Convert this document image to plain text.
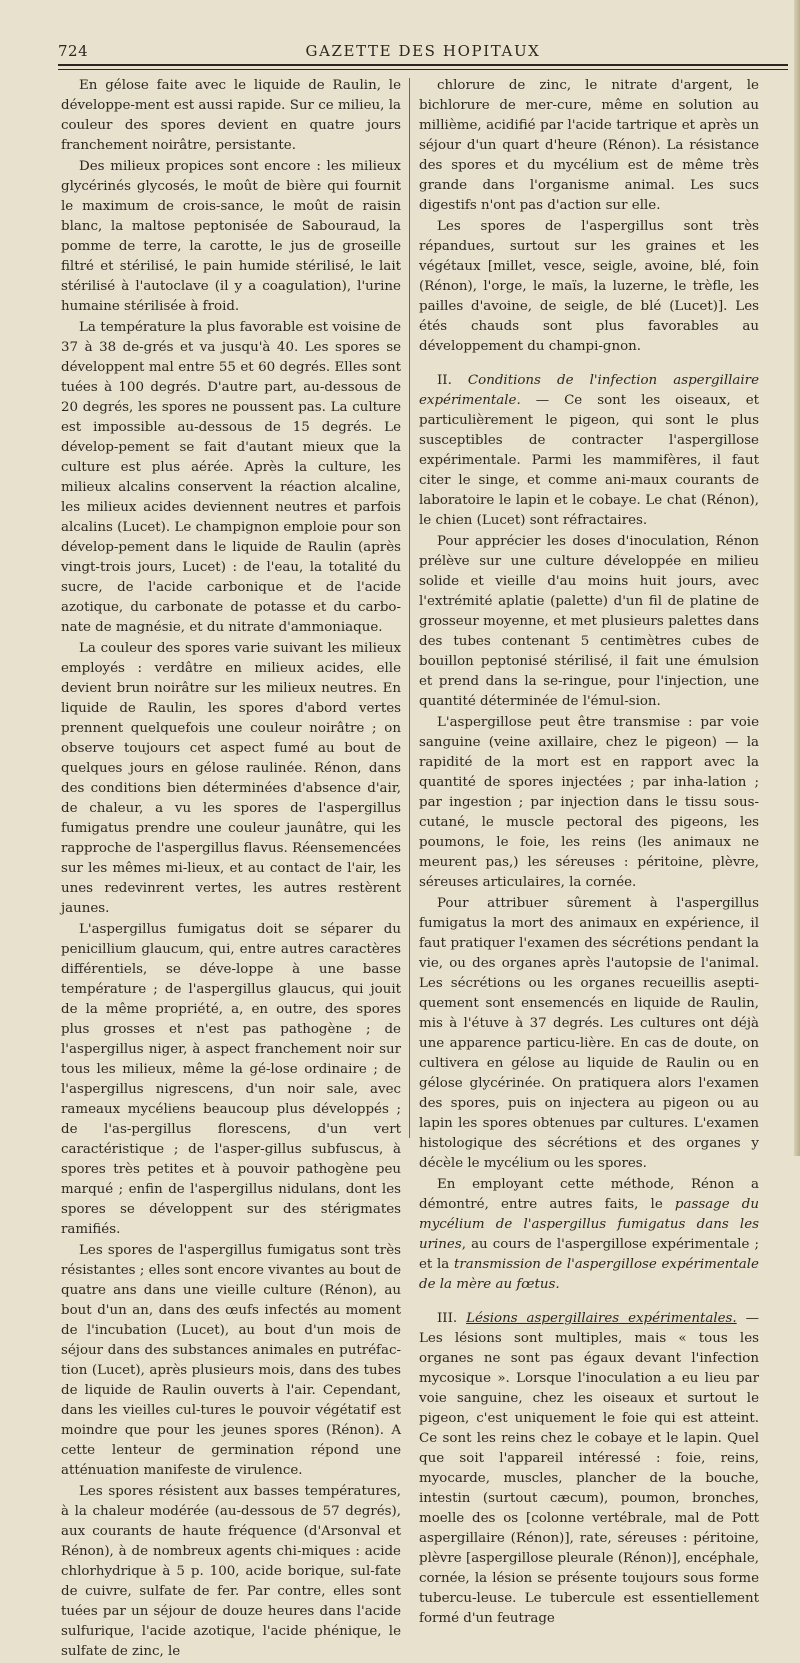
724	GAZETTE DES HOPITAUX

En gélose faite avec le liquide de Raulin, le développe-ment est aussi rapide. Sur ce milieu, la couleur des spores devient en quatre jours franchement noirâtre, persistante.

Des milieux propices sont encore : les milieux glycérinés glycosés, le moût de bière qui fournit le maximum de crois-sance, le moût de raisin blanc, la maltose peptonisée de Sabouraud, la pomme de terre, la carotte, le jus de groseille filtré et stérilisé, le pain humide stérilisé, le lait stérilisé à l'autoclave (il y a coagulation), l'urine humaine stérilisée à froid.

La température la plus favorable est voisine de 37 à 38 de-grés et va jusqu'à 40. Les spores se développent mal entre 55 et 60 degrés. Elles sont tuées à 100 degrés. D'autre part, au-dessous de 20 degrés, les spores ne poussent pas. La culture est impossible au-dessous de 15 degrés. Le dévelop-pement se fait d'autant mieux que la culture est plus aérée. Après la culture, les milieux alcalins conservent la réaction alcaline, les milieux acides deviennent neutres et parfois alcalins (Lucet). Le champignon emploie pour son dévelop-pement dans le liquide de Raulin (après vingt-trois jours, Lucet) : de l'eau, la totalité du sucre, de l'acide carbonique et de l'acide azotique, du carbonate de potasse et du carbo-nate de magnésie, et du nitrate d'ammoniaque.

La couleur des spores varie suivant les milieux employés : verdâtre en milieux acides, elle devient brun noirâtre sur les milieux neutres. En liquide de Raulin, les spores d'abord vertes prennent quelquefois une couleur noirâtre ; on observe toujours cet aspect fumé au bout de quelques jours en gélose raulinée. Rénon, dans des conditions bien déterminées d'absence d'air, de chaleur, a vu les spores de l'aspergillus fumigatus prendre une couleur jaunâtre, qui les rapproche de l'aspergillus flavus. Réensemencées sur les mêmes mi-lieux, et au contact de l'air, les unes redevinrent vertes, les autres restèrent jaunes.

L'aspergillus fumigatus doit se séparer du penicillium glaucum, qui, entre autres caractères différentiels, se déve-loppe à une basse température ; de l'aspergillus glaucus, qui jouit de la même propriété, a, en outre, des spores plus grosses et n'est pas pathogène ; de l'aspergillus niger, à aspect franchement noir sur tous les milieux, même la gé-lose ordinaire ; de l'aspergillus nigrescens, d'un noir sale, avec rameaux mycéliens beaucoup plus développés ; de l'as-pergillus florescens, d'un vert caractéristique ; de l'asper-gillus subfuscus, à spores très petites et à pouvoir pathogène peu marqué ; enfin de l'aspergillus nidulans, dont les spores se développent sur des stérigmates ramifiés.

Les spores de l'aspergillus fumigatus sont très résistantes ; elles sont encore vivantes au bout de quatre ans dans une vieille culture (Rénon), au bout d'un an, dans des œufs infectés au moment de l'incubation (Lucet), au bout d'un mois de séjour dans des substances animales en putréfac-tion (Lucet), après plusieurs mois, dans des tubes de liquide de Raulin ouverts à l'air. Cependant, dans les vieilles cul-tures le pouvoir végétatif est moindre que pour les jeunes spores (Rénon). A cette lenteur de germination répond une atténuation manifeste de virulence.

Les spores résistent aux basses températures, à la chaleur modérée (au-dessous de 57 degrés), aux courants de haute fréquence (d'Arsonval et Rénon), à de nombreux agents chi-miques : acide chlorhydrique à 5 p. 100, acide borique, sul-fate de cuivre, sulfate de fer. Par contre, elles sont tuées par un séjour de douze heures dans l'acide sulfurique, l'acide azotique, l'acide phénique, le sulfate de zinc, le

chlorure de zinc, le nitrate d'argent, le bichlorure de mer-cure, même en solution au millième, acidifié par l'acide tartrique et après un séjour d'un quart d'heure (Rénon). La résistance des spores et du mycélium est de même très grande dans l'organisme animal. Les sucs digestifs n'ont pas d'action sur elle.

Les spores de l'aspergillus sont très répandues, surtout sur les graines et les végétaux [millet, vesce, seigle, avoine, blé, foin (Rénon), l'orge, le maïs, la luzerne, le trèfle, les pailles d'avoine, de seigle, de blé (Lucet)]. Les étés chauds sont plus favorables au développement du champi-gnon.

II. Conditions de l'infection aspergillaire expérimentale. — Ce sont les oiseaux, et particulièrement le pigeon, qui sont le plus susceptibles de contracter l'aspergillose expérimentale. Parmi les mammifères, il faut citer le singe, et comme ani-maux courants de laboratoire le lapin et le cobaye. Le chat (Rénon), le chien (Lucet) sont réfractaires.

Pour apprécier les doses d'inoculation, Rénon prélève sur une culture développée en milieu solide et vieille d'au moins huit jours, avec l'extrémité aplatie (palette) d'un fil de platine de grosseur moyenne, et met plusieurs palettes dans des tubes contenant 5 centimètres cubes de bouillon peptonisé stérilisé, il fait une émulsion et prend dans la se-ringue, pour l'injection, une quantité déterminée de l'émul-sion.

L'aspergillose peut être transmise : par voie sanguine (veine axillaire, chez le pigeon) — la rapidité de la mort est en rapport avec la quantité de spores injectées ; par inha-lation ; par ingestion ; par injection dans le tissu sous-cutané, le muscle pectoral des pigeons, les poumons, le foie, les reins (les animaux ne meurent pas,) les séreuses : péritoine, plèvre, séreuses articulaires, la cornée.

Pour attribuer sûrement à l'aspergillus fumigatus la mort des animaux en expérience, il faut pratiquer l'examen des sécrétions pendant la vie, ou des organes après l'autopsie de l'animal. Les sécrétions ou les organes recueillis asepti-quement sont ensemencés en liquide de Raulin, mis à l'étuve à 37 degrés. Les cultures ont déjà une apparence particu-lière. En cas de doute, on cultivera en gélose au liquide de Raulin ou en gélose glycérinée. On pratiquera alors l'examen des spores, puis on injectera au pigeon ou au lapin les spores obtenues par cultures. L'examen histologique des sécrétions et des organes y décèle le mycélium ou les spores.

En employant cette méthode, Rénon a démontré, entre autres faits, le passage du mycélium de l'aspergillus fumigatus dans les urines, au cours de l'aspergillose expérimentale ; et la transmission de l'aspergillose expérimentale de la mère au fœtus.

III. Lésions aspergillaires expérimentales. — Les lésions sont multiples, mais « tous les organes ne sont pas égaux devant l'infection mycosique ». Lorsque l'inoculation a eu lieu par voie sanguine, chez les oiseaux et surtout le pigeon, c'est uniquement le foie qui est atteint. Ce sont les reins chez le cobaye et le lapin. Quel que soit l'appareil intéressé : foie, reins, myocarde, muscles, plancher de la bouche, intestin (surtout cæcum), poumon, bronches, moelle des os [colonne vertébrale, mal de Pott aspergillaire (Rénon)], rate, séreuses : péritoine, plèvre [aspergillose pleurale (Rénon)], encéphale, cornée, la lésion se présente toujours sous forme tubercu-leuse. Le tubercule est essentiellement formé d'un feutrage
